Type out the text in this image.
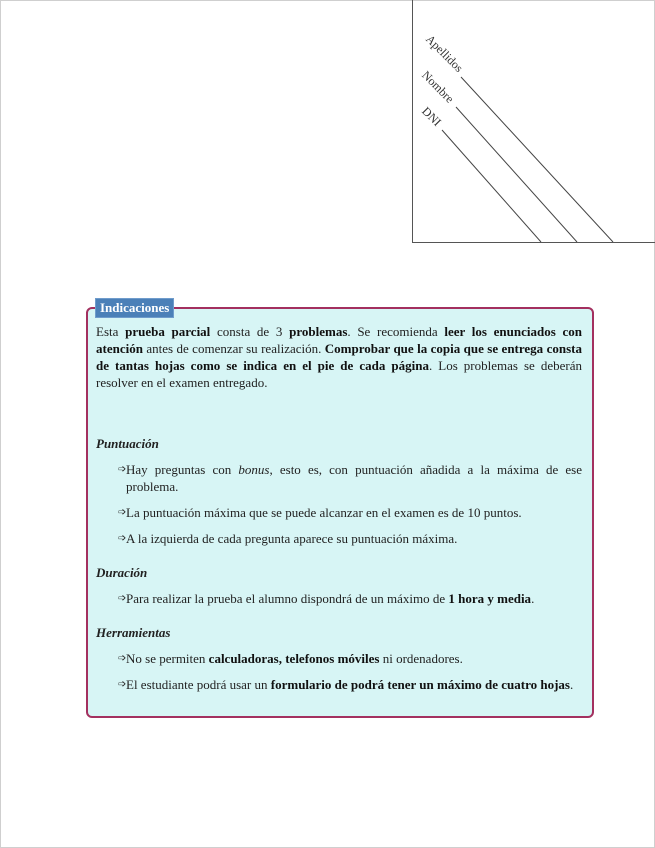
Apellidos
Nombre
DNI
Indicaciones

Esta prueba parcial consta de 3 problemas. Se recomienda leer los enunciados con atención antes de comenzar su realización. Comprobar que la copia que se entrega consta de tantas hojas como se indica en el pie de cada página. Los problemas se deberán resolver en el examen entregado.

Puntuación

➩ Hay preguntas con bonus, esto es, con puntuación añadida a la máxima de ese problema.
➩ La puntuación máxima que se puede alcanzar en el examen es de 10 puntos.
➩ A la izquierda de cada pregunta aparece su puntuación máxima.

Duración

➩ Para realizar la prueba el alumno dispondrá de un máximo de 1 hora y media.

Herramientas

➩ No se permiten calculadoras, telefonos móviles ni ordenadores.
➩ El estudiante podrá usar un formulario de podrá tener un máximo de cuatro hojas.
